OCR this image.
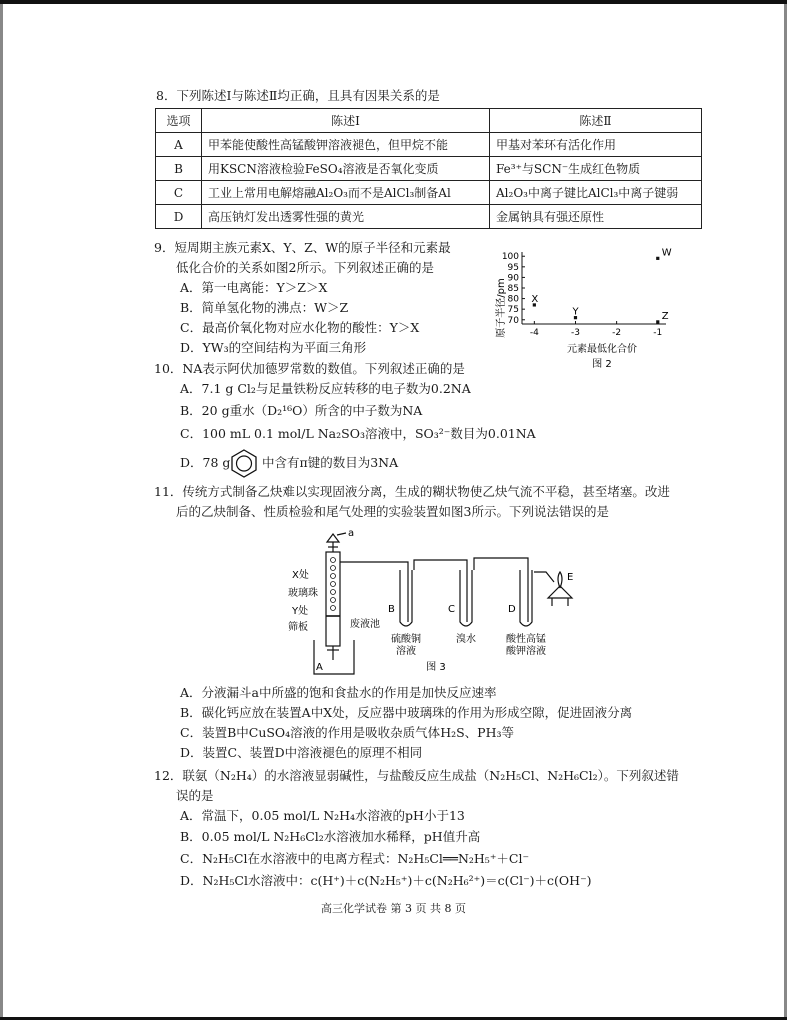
8．下列陈述Ⅰ与陈述Ⅱ均正确，且具有因果关系的是
选项	陈述Ⅰ	陈述Ⅱ
A	甲苯能使酸性高锰酸钾溶液褪色，但甲烷不能	甲基对苯环有活化作用
B	用KSCN溶液检验FeSO₄溶液是否氧化变质	Fe³⁺与SCN⁻生成红色物质
C	工业上常用电解熔融Al₂O₃而不是AlCl₃制备Al	Al₂O₃中离子键比AlCl₃中离子键弱
D	高压钠灯发出透雾性强的黄光	金属钠具有强还原性
9．短周期主族元素X、Y、Z、W的原子半径和元素最
低化合价的关系如图2所示。下列叙述正确的是
A．第一电离能：Y＞Z＞X
B．简单氢化物的沸点：W＞Z
C．最高价氧化物对应水化物的酸性：Y＞X
D．YW₃的空间结构为平面三角形
原子半径/pm
元素最低化合价
图 2
100
95
90
85
80
75
70
-4	-3	-2	-1
X
Y	Z
W
10．NA表示阿伏加德罗常数的数值。下列叙述正确的是
A．7.1 g Cl₂与足量铁粉反应转移的电子数为0.2NA
B．20 g重水（D₂¹⁶O）所含的中子数为NA
C．100 mL 0.1 mol/L Na₂SO₃溶液中，SO₃²⁻数目为0.01NA
D．78 g	中含有π键的数目为3NA
11．传统方式制备乙炔难以实现固液分离，生成的糊状物使乙炔气流不平稳，甚至堵塞。改进
后的乙炔制备、性质检验和尾气处理的实验装置如图3所示。下列说法错误的是
a
X处
玻璃珠
Y处
筛板	废液池
A
B	C	D
E
硫酸铜
溶液
溴水	酸性高锰
酸钾溶液
图 3
A．分液漏斗a中所盛的饱和食盐水的作用是加快反应速率
B．碳化钙应放在装置A中X处，反应器中玻璃珠的作用为形成空隙，促进固液分离
C．装置B中CuSO₄溶液的作用是吸收杂质气体H₂S、PH₃等
D．装置C、装置D中溶液褪色的原理不相同
12．联氨（N₂H₄）的水溶液显弱碱性，与盐酸反应生成盐（N₂H₅Cl、N₂H₆Cl₂）。下列叙述错
误的是
A．常温下，0.05 mol/L N₂H₄水溶液的pH小于13
B．0.05 mol/L N₂H₆Cl₂水溶液加水稀释，pH值升高
C．N₂H₅Cl在水溶液中的电离方程式：N₂H₅Cl══N₂H₅⁺＋Cl⁻
D．N₂H₅Cl水溶液中：c(H⁺)＋c(N₂H₅⁺)＋c(N₂H₆²⁺)＝c(Cl⁻)＋c(OH⁻)
高三化学试卷 第 3 页 共 8 页
